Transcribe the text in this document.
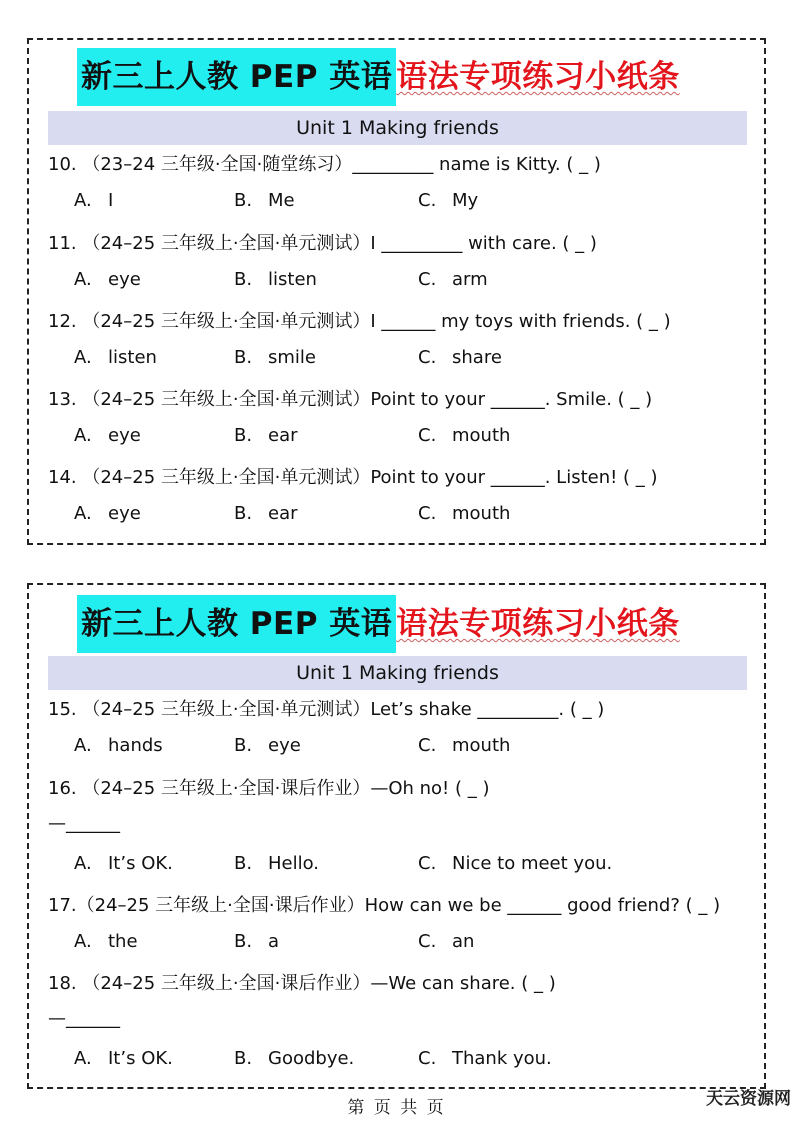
新三上人教 PEP 英语 语法专项练习小纸条
Unit 1 Making friends
10. （23–24 三年级·全国·随堂练习）_________ name is Kitty. ( _ )
A. I	B. Me	C. My
11. （24–25 三年级上·全国·单元测试）I _________ with care. ( _ )
A. eye	B. listen	C. arm
12. （24–25 三年级上·全国·单元测试）I ______ my toys with friends. ( _ )
A. listen	B. smile	C. share
13. （24–25 三年级上·全国·单元测试）Point to your ______. Smile. ( _ )
A. eye	B. ear	C. mouth
14. （24–25 三年级上·全国·单元测试）Point to your ______. Listen! ( _ )
A. eye	B. ear	C. mouth
新三上人教 PEP 英语 语法专项练习小纸条
Unit 1 Making friends
15. （24–25 三年级上·全国·单元测试）Let’s shake _________. ( _ )
A. hands	B. eye	C. mouth
16. （24–25 三年级上·全国·课后作业）—Oh no! ( _ )
—______
A. It’s OK.	B. Hello.	C. Nice to meet you.
17.（24–25 三年级上·全国·课后作业）How can we be ______ good friend? ( _ )
A. the	B. a	C. an
18. （24–25 三年级上·全国·课后作业）—We can share. ( _ )
—______
A. It’s OK.	B. Goodbye.	C. Thank you.
第 页 共 页	天云资源网
